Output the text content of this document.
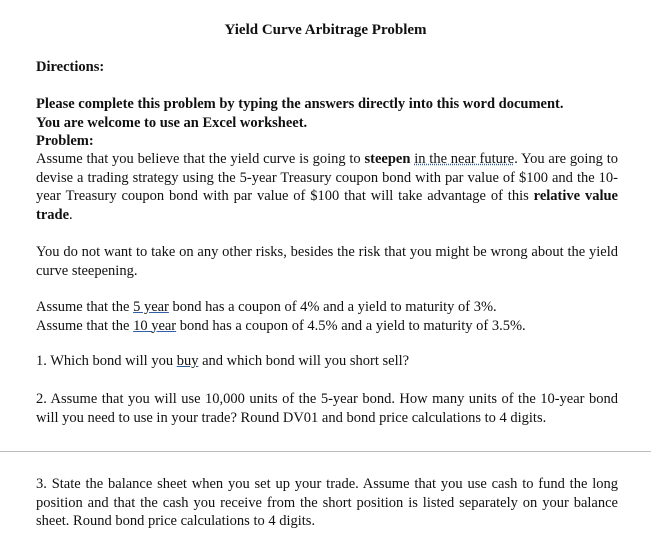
Yield Curve Arbitrage Problem
Directions:
Please complete this problem by typing the answers directly into this word document.
You are welcome to use an Excel worksheet.
Problem:
Assume that you believe that the yield curve is going to steepen in the near future. You are going to devise a trading strategy using the 5-year Treasury coupon bond with par value of $100 and the 10-year Treasury coupon bond with par value of $100 that will take advantage of this relative value trade.
You do not want to take on any other risks, besides the risk that you might be wrong about the yield curve steepening.
Assume that the 5 year bond has a coupon of 4% and a yield to maturity of 3%.
Assume that the 10 year bond has a coupon of 4.5% and a yield to maturity of 3.5%.
1. Which bond will you buy and which bond will you short sell?
2. Assume that you will use 10,000 units of the 5-year bond. How many units of the 10-year bond will you need to use in your trade? Round DV01 and bond price calculations to 4 digits.
3. State the balance sheet when you set up your trade. Assume that you use cash to fund the long position and that the cash you receive from the short position is listed separately on your balance sheet. Round bond price calculations to 4 digits.
